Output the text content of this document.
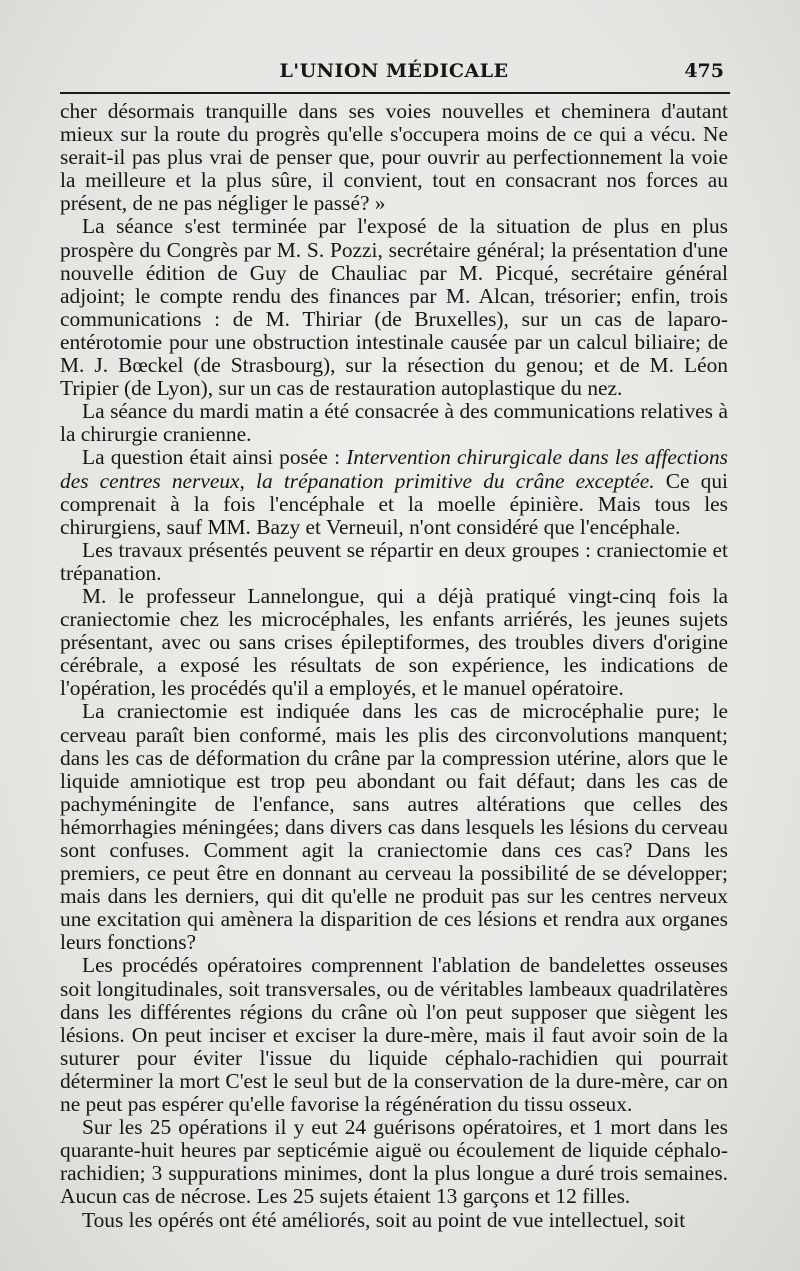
L'UNION MÉDICALE	475

cher désormais tranquille dans ses voies nouvelles et cheminera d'autant mieux sur la route du progrès qu'elle s'occupera moins de ce qui a vécu. Ne serait-il pas plus vrai de penser que, pour ouvrir au perfectionnement la voie la meilleure et la plus sûre, il convient, tout en consacrant nos forces au présent, de ne pas négliger le passé? »

La séance s'est terminée par l'exposé de la situation de plus en plus prospère du Congrès par M. S. Pozzi, secrétaire général; la présentation d'une nouvelle édition de Guy de Chauliac par M. Picqué, secrétaire général adjoint; le compte rendu des finances par M. Alcan, trésorier; enfin, trois communications : de M. Thiriar (de Bruxelles), sur un cas de laparo-entérotomie pour une obstruction intestinale causée par un calcul biliaire; de M. J. Bœckel (de Strasbourg), sur la résection du genou; et de M. Léon Tripier (de Lyon), sur un cas de restauration autoplastique du nez.

La séance du mardi matin a été consacrée à des communications relatives à la chirurgie cranienne.

La question était ainsi posée : Intervention chirurgicale dans les affections des centres nerveux, la trépanation primitive du crâne exceptée. Ce qui comprenait à la fois l'encéphale et la moelle épinière. Mais tous les chirurgiens, sauf MM. Bazy et Verneuil, n'ont considéré que l'encéphale.

Les travaux présentés peuvent se répartir en deux groupes : craniectomie et trépanation.

M. le professeur Lannelongue, qui a déjà pratiqué vingt-cinq fois la craniectomie chez les microcéphales, les enfants arriérés, les jeunes sujets présentant, avec ou sans crises épileptiformes, des troubles divers d'origine cérébrale, a exposé les résultats de son expérience, les indications de l'opération, les procédés qu'il a employés, et le manuel opératoire.

La craniectomie est indiquée dans les cas de microcéphalie pure; le cerveau paraît bien conformé, mais les plis des circonvolutions manquent; dans les cas de déformation du crâne par la compression utérine, alors que le liquide amniotique est trop peu abondant ou fait défaut; dans les cas de pachyméningite de l'enfance, sans autres altérations que celles des hémorrhagies méningées; dans divers cas dans lesquels les lésions du cerveau sont confuses. Comment agit la craniectomie dans ces cas? Dans les premiers, ce peut être en donnant au cerveau la possibilité de se développer; mais dans les derniers, qui dit qu'elle ne produit pas sur les centres nerveux une excitation qui amènera la disparition de ces lésions et rendra aux organes leurs fonctions?

Les procédés opératoires comprennent l'ablation de bandelettes osseuses soit longitudinales, soit transversales, ou de véritables lambeaux quadrilatères dans les différentes régions du crâne où l'on peut supposer que siègent les lésions. On peut inciser et exciser la dure-mère, mais il faut avoir soin de la suturer pour éviter l'issue du liquide céphalo-rachidien qui pourrait déterminer la mort C'est le seul but de la conservation de la dure-mère, car on ne peut pas espérer qu'elle favorise la régénération du tissu osseux.

Sur les 25 opérations il y eut 24 guérisons opératoires, et 1 mort dans les quarante-huit heures par septicémie aiguë ou écoulement de liquide céphalo-rachidien; 3 suppurations minimes, dont la plus longue a duré trois semaines. Aucun cas de nécrose. Les 25 sujets étaient 13 garçons et 12 filles.

Tous les opérés ont été améliorés, soit au point de vue intellectuel, soit
